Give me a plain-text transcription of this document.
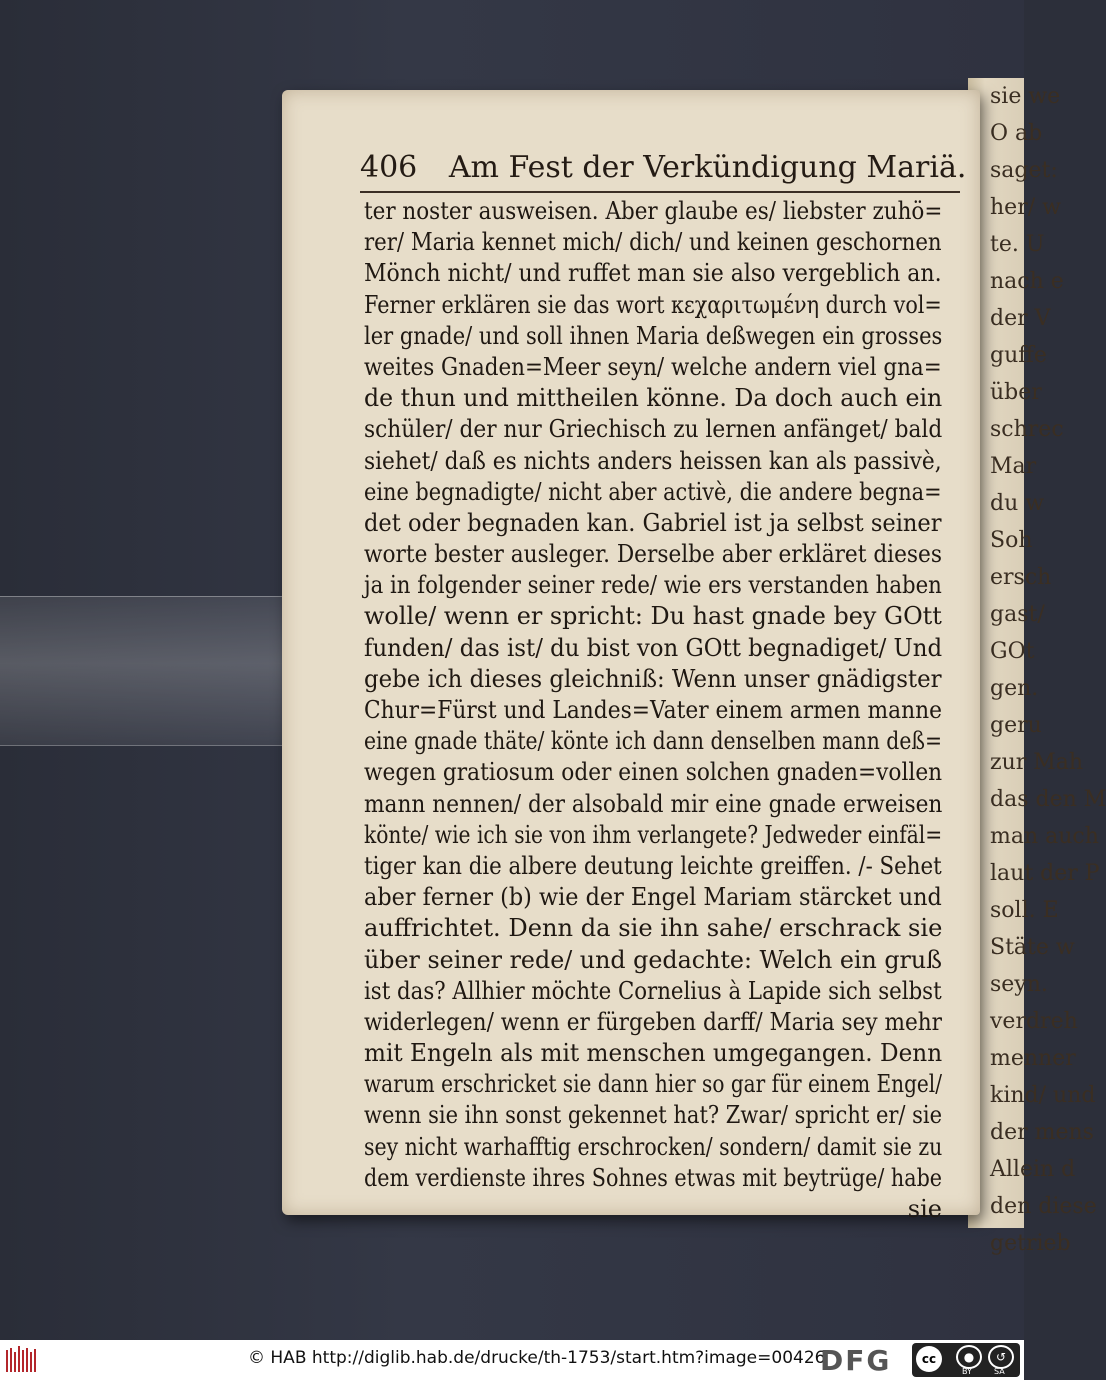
sie we
O ab
saget:
her/ w
te. U
nach e
der V
guffe
über
schrec
Mar
du w
Soh
ersch
gast/
GOt
gen.
geru
zur Mah
das den M
man auch
laut der P
soll. E
Stäte w
seyn.
verdreh
menner
kind/ und
der mens
Allein d
den diese
getrieb
406 Am Fest der Verkündigung Mariä.
ter noster ausweisen. Aber glaube es/ liebster zuhö=
rer/ Maria kennet mich/ dich/ und keinen geschornen
Mönch nicht/ und ruffet man sie also vergeblich an.
Ferner erklären sie das wort κεχαριτωμένη durch vol=
ler gnade/ und soll ihnen Maria deßwegen ein grosses
weites Gnaden=Meer seyn/ welche andern viel gna=
de thun und mittheilen könne. Da doch auch ein
schüler/ der nur Griechisch zu lernen anfänget/ bald
siehet/ daß es nichts anders heissen kan als passivè,
eine begnadigte/ nicht aber activè, die andere begna=
det oder begnaden kan. Gabriel ist ja selbst seiner
worte bester ausleger. Derselbe aber erkläret dieses
ja in folgender seiner rede/ wie ers verstanden haben
wolle/ wenn er spricht: Du hast gnade bey GOtt
funden/ das ist/ du bist von GOtt begnadiget/ Und
gebe ich dieses gleichniß: Wenn unser gnädigster
Chur=Fürst und Landes=Vater einem armen manne
eine gnade thäte/ könte ich dann denselben mann deß=
wegen gratiosum oder einen solchen gnaden=vollen
mann nennen/ der alsobald mir eine gnade erweisen
könte/ wie ich sie von ihm verlangete? Jedweder einfäl=
tiger kan die albere deutung leichte greiffen. /- Sehet
aber ferner (b) wie der Engel Mariam stärcket und
auffrichtet. Denn da sie ihn sahe/ erschrack sie
über seiner rede/ und gedachte: Welch ein gruß
ist das? Allhier möchte Cornelius à Lapide sich selbst
widerlegen/ wenn er fürgeben darff/ Maria sey mehr
mit Engeln als mit menschen umgegangen. Denn
warum erschricket sie dann hier so gar für einem Engel/
wenn sie ihn sonst gekennet hat? Zwar/ spricht er/ sie
sey nicht warhafftig erschrocken/ sondern/ damit sie zu
dem verdienste ihres Sohnes etwas mit beytrüge/ habe
sie
© HAB http://diglib.hab.de/drucke/th-1753/start.htm?image=00426
DFG	cc	●	↺
BY	SA
